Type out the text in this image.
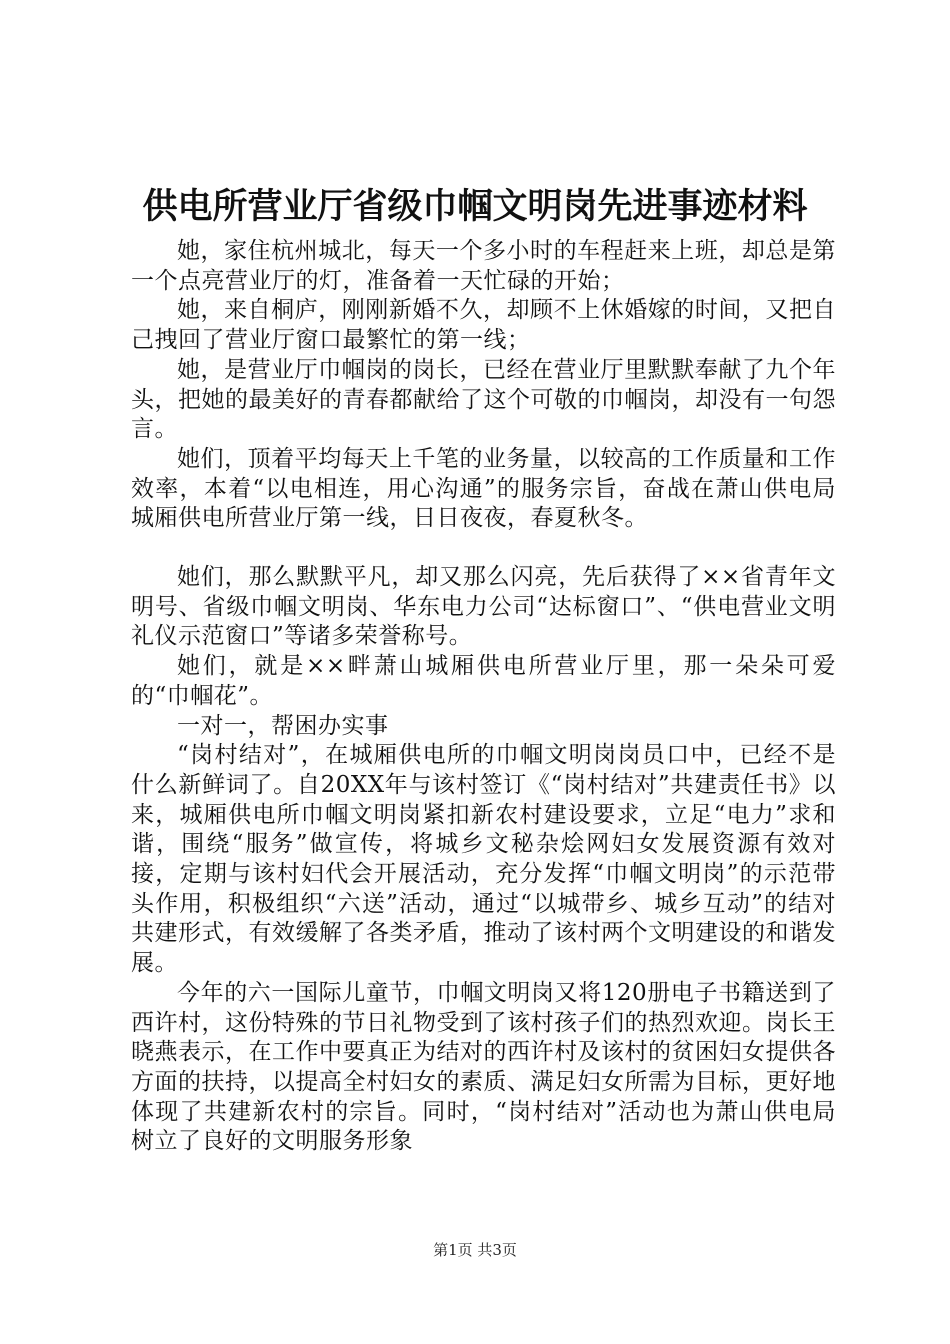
供电所营业厅省级巾帼文明岗先进事迹材料

她，家住杭州城北，每天一个多小时的车程赶来上班，却总是第一个点亮营业厅的灯，准备着一天忙碌的开始；

她，来自桐庐，刚刚新婚不久，却顾不上休婚嫁的时间，又把自己拽回了营业厅窗口最繁忙的第一线；

她，是营业厅巾帼岗的岗长，已经在营业厅里默默奉献了九个年头，把她的最美好的青春都献给了这个可敬的巾帼岗，却没有一句怨言。

她们，顶着平均每天上千笔的业务量，以较高的工作质量和工作效率，本着“以电相连，用心沟通”的服务宗旨，奋战在萧山供电局城厢供电所营业厅第一线，日日夜夜，春夏秋冬。

她们，那么默默平凡，却又那么闪亮，先后获得了××省青年文明号、省级巾帼文明岗、华东电力公司“达标窗口”、“供电营业文明礼仪示范窗口”等诸多荣誉称号。

她们，就是××畔萧山城厢供电所营业厅里，那一朵朵可爱的“巾帼花”。

一对一，帮困办实事

“岗村结对”，在城厢供电所的巾帼文明岗岗员口中，已经不是什么新鲜词了。自20XX年与该村签订《“岗村结对”共建责任书》以来，城厢供电所巾帼文明岗紧扣新农村建设要求，立足“电力”求和谐，围绕“服务”做宣传，将城乡文秘杂烩网妇女发展资源有效对接，定期与该村妇代会开展活动，充分发挥“巾帼文明岗”的示范带头作用，积极组织“六送”活动，通过“以城带乡、城乡互动”的结对共建形式，有效缓解了各类矛盾，推动了该村两个文明建设的和谐发展。

今年的六一国际儿童节，巾帼文明岗又将120册电子书籍送到了西许村，这份特殊的节日礼物受到了该村孩子们的热烈欢迎。岗长王晓燕表示，在工作中要真正为结对的西许村及该村的贫困妇女提供各方面的扶持，以提高全村妇女的素质、满足妇女所需为目标，更好地体现了共建新农村的宗旨。同时，“岗村结对”活动也为萧山供电局树立了良好的文明服务形象

第1页 共3页
